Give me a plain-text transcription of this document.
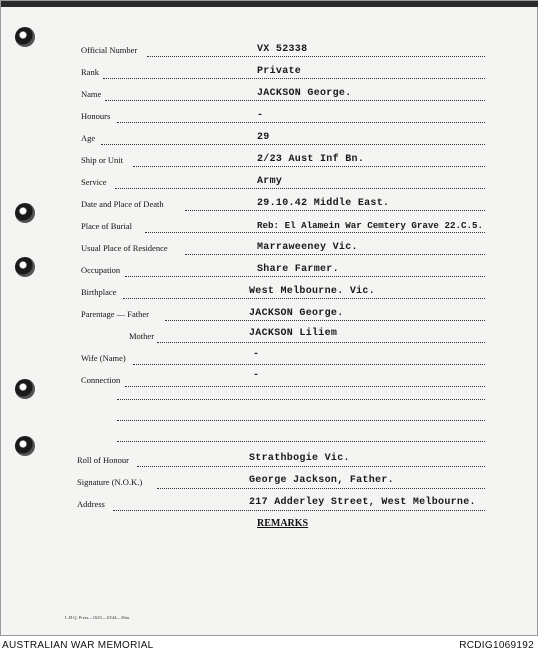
Official Number	VX 52338
Rank	Private
Name	JACKSON George.
Honours	-
Age	29
Ship or Unit	2/23 Aust Inf Bn.
Service	Army
Date and Place of Death	29.10.42 Middle East.
Place of Burial	Reb: El Alamein War Cemtery Grave 22.C.5.
Usual Place of Residence	Marraweeney Vic.
Occupation	Share Farmer.
Birthplace	West Melbourne. Vic.
Parentage — Father	JACKSON George.
Mother	JACKSON Liliem
Wife (Name)	-
Connection	-
Roll of Honour	Strathbogie Vic.
Signature (N.O.K.)	George Jackson, Father.
Address	217 Adderley Street, West Melbourne.
REMARKS
L.H.Q. Press—1625—10/44—30m.
AUSTRALIAN WAR MEMORIAL	RCDIG1069192
